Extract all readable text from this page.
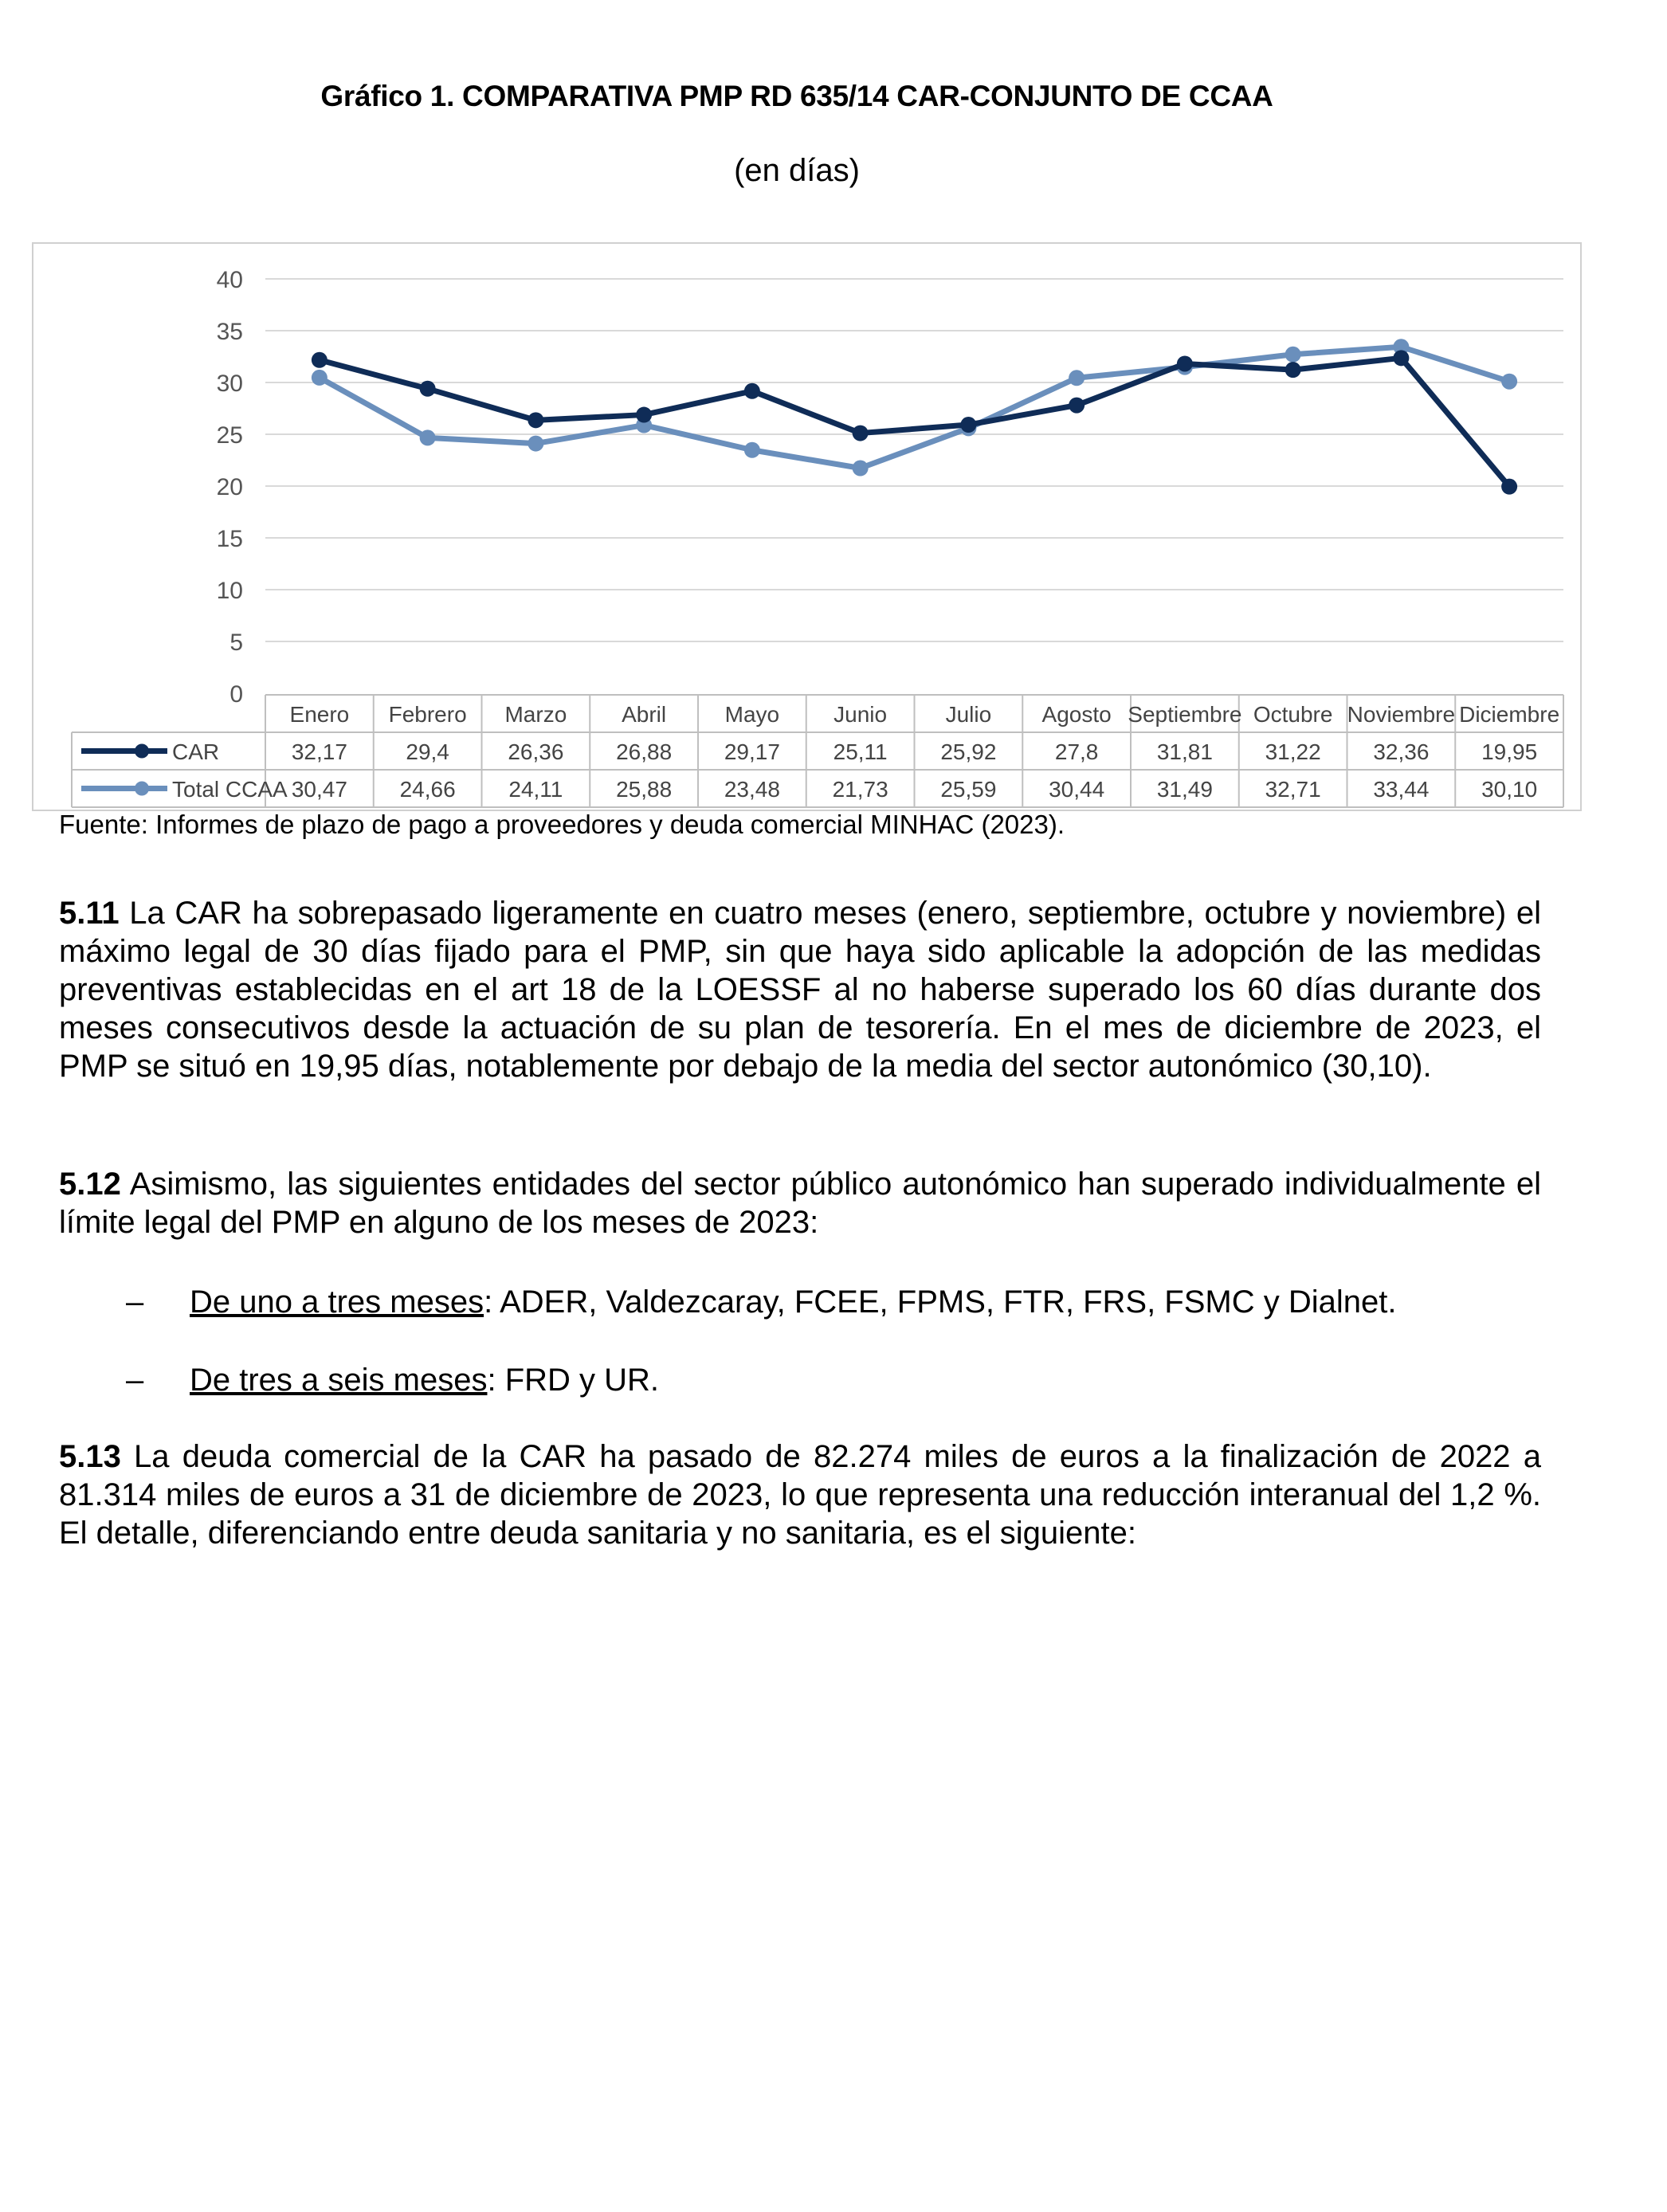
Gráfico 1. COMPARATIVA PMP RD 635/14 CAR-CONJUNTO DE CCAA
(en días)
0
5
10
15
20
25
30
35
40
Enero Febrero Marzo Abril	Mayo Junio	Julio Agosto Septiembre Octubre Noviembre Diciembre
CAR	32,17	29,4	26,36 26,88 29,17 25,11 25,92	27,8	31,81 31,22 32,36 19,95
Total CCAA 30,47 24,66 24,11 25,88 23,48 21,73 25,59 30,44 31,49 32,71 33,44 30,10
Fuente: Informes de plazo de pago a proveedores y deuda comercial MINHAC (2023).

5.11 La CAR ha sobrepasado ligeramente en cuatro meses (enero, septiembre, octubre y noviembre) el máximo legal de 30 días fijado para el PMP, sin que haya sido aplicable la adopción de las medidas preventivas establecidas en el art 18 de la LOESSF al no haberse superado los 60 días durante dos meses consecutivos desde la actuación de su plan de tesorería. En el mes de diciembre de 2023, el PMP se situó en 19,95 días, notablemente por debajo de la media del sector autonómico (30,10).

5.12 Asimismo, las siguientes entidades del sector público autonómico han superado individualmente el límite legal del PMP en alguno de los meses de 2023:

– De uno a tres meses: ADER, Valdezcaray, FCEE, FPMS, FTR, FRS, FSMC y Dialnet.
– De tres a seis meses: FRD y UR.

5.13 La deuda comercial de la CAR ha pasado de 82.274 miles de euros a la finalización de 2022 a 81.314 miles de euros a 31 de diciembre de 2023, lo que representa una reducción interanual del 1,2 %. El detalle, diferenciando entre deuda sanitaria y no sanitaria, es el siguiente:
